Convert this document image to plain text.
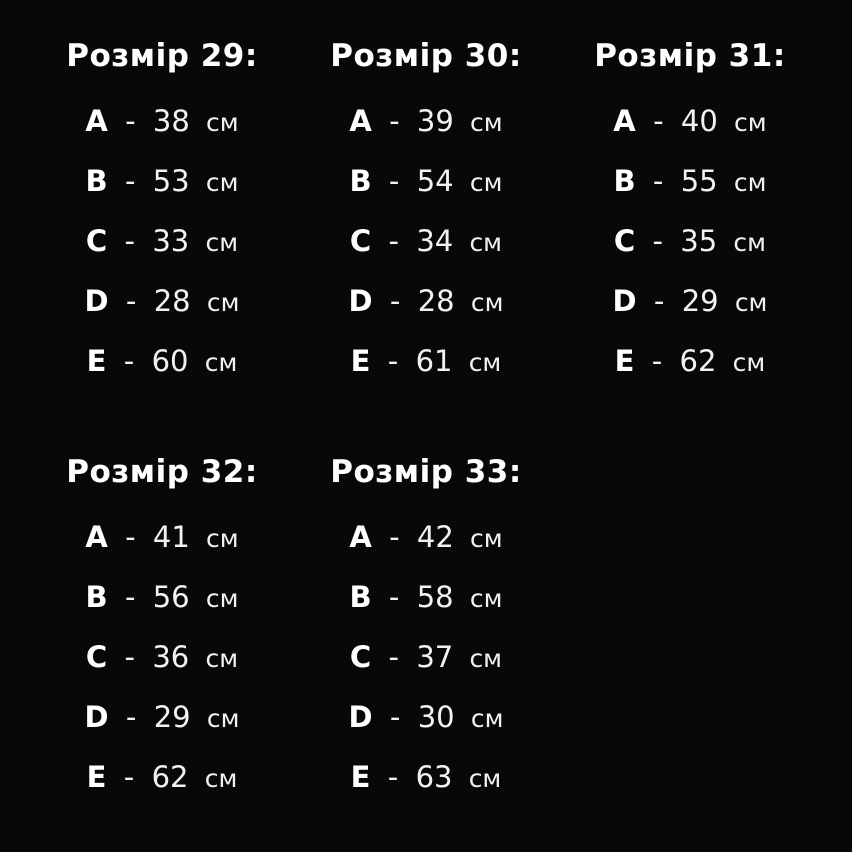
Розмір 29:
A - 38 см
B - 53 см
C - 33 см
D - 28 см
E - 60 см
Розмір 30:
A - 39 см
B - 54 см
C - 34 см
D - 28 см
E - 61 см
Розмір 31:
A - 40 см
B - 55 см
C - 35 см
D - 29 см
E - 62 см
Розмір 32:
A - 41 см
B - 56 см
C - 36 см
D - 29 см
E - 62 см
Розмір 33:
A - 42 см
B - 58 см
C - 37 см
D - 30 см
E - 63 см
